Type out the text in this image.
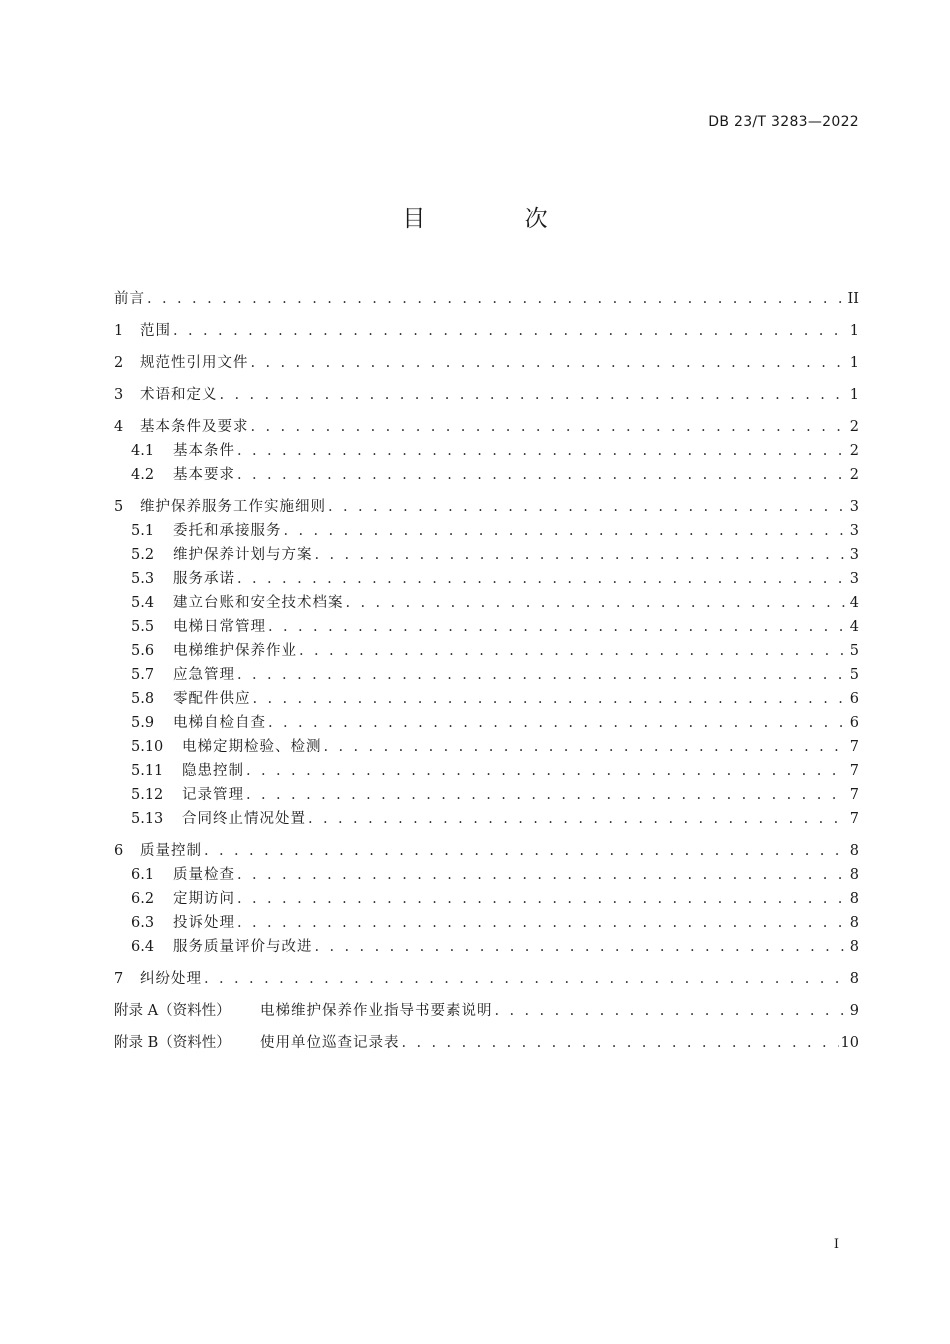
DB 23/T 3283—2022
目 次
前言 . . .	II
1	范围 . . .	1
2	规范性引用文件 . . .	1
3	术语和定义 . . .	1
4	基本条件及要求 . . .	2
4.1	基本条件 . . .	2
4.2	基本要求 . . .	2
5	维护保养服务工作实施细则 . . .	3
5.1	委托和承接服务 . . .	3
5.2	维护保养计划与方案 . . .	3
5.3	服务承诺 . . .	3
5.4	建立台账和安全技术档案 . . .	4
5.5	电梯日常管理 . . .	4
5.6	电梯维护保养作业 . . .	5
5.7	应急管理 . . .	5
5.8	零配件供应 . . .	6
5.9	电梯自检自查 . . .	6
5.10	电梯定期检验、检测 . . .	7
5.11	隐患控制 . . .	7
5.12	记录管理 . . .	7
5.13	合同终止情况处置 . . .	7
6	质量控制 . . .	8
6.1	质量检查 . . .	8
6.2	定期访问 . . .	8
6.3	投诉处理 . . .	8
6.4	服务质量评价与改进 . . .	8
7	纠纷处理 . . .	8
附录 A（资料性）	电梯维护保养作业指导书要素说明 . . .	9
附录 B（资料性）	使用单位巡查记录表 . . .	10
I
